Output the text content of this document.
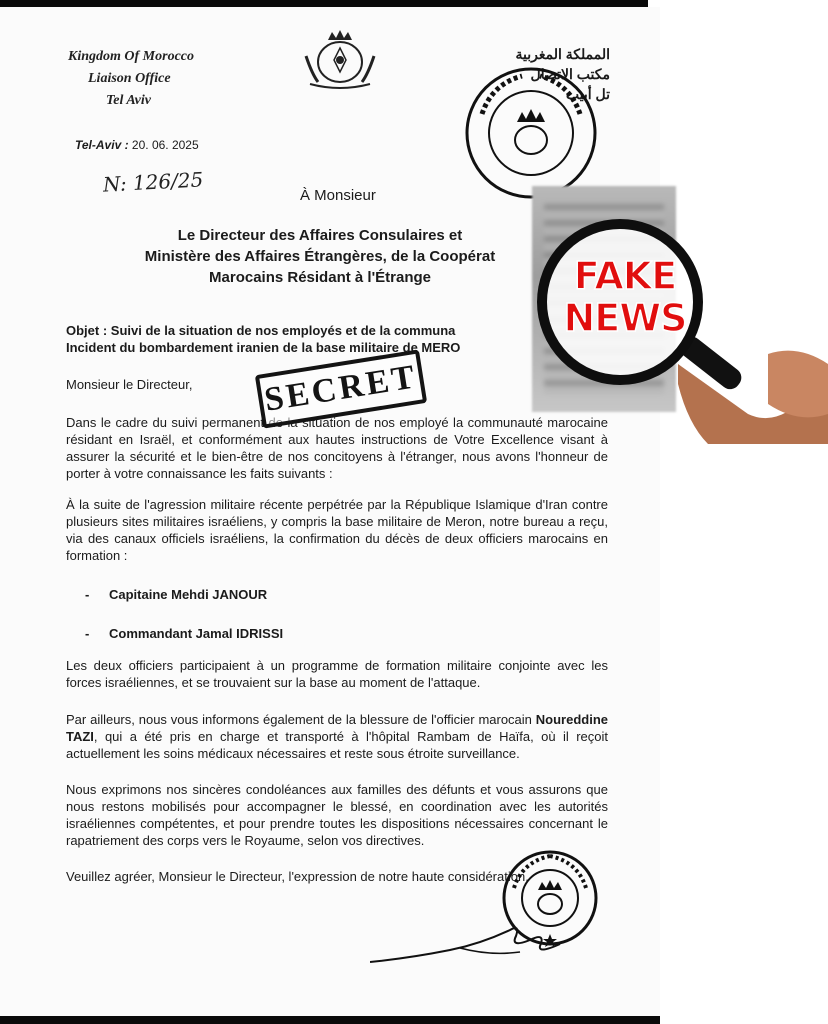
Kingdom Of Morocco
Liaison Office
Tel Aviv
المملكة المغربية
مكتب الاتصال
تل أبيب
Tel-Aviv : 20. 06. 2025
N: 126/25	À Monsieur
Le Directeur des Affaires Consulaires et
Ministère des Affaires Étrangères, de la Coopérat
Marocains Résidant à l'Étrange
Objet : Suivi de la situation de nos employés et de la communa
Incident du bombardement iranien de la base militaire de MERO
Monsieur le Directeur,
Dans le cadre du suivi permanent de la situation de nos employé la communauté marocaine résidant en Israël, et conformément aux hautes instructions de Votre Excellence visant à assurer la sécurité et le bien-être de nos concitoyens à l'étranger, nous avons l'honneur de porter à votre connaissance les faits suivants :
SECRET
À la suite de l'agression militaire récente perpétrée par la République Islamique d'Iran contre plusieurs sites militaires israéliens, y compris la base militaire de Meron, notre bureau a reçu, via des canaux officiels israéliens, la confirmation du décès de deux officiers marocains en formation :
- Capitaine Mehdi JANOUR
- Commandant Jamal IDRISSI
Les deux officiers participaient à un programme de formation militaire conjointe avec les forces israéliennes, et se trouvaient sur la base au moment de l'attaque.
Par ailleurs, nous vous informons également de la blessure de l'officier marocain Noureddine TAZI, qui a été pris en charge et transporté à l'hôpital Rambam de Haïfa, où il reçoit actuellement les soins médicaux nécessaires et reste sous étroite surveillance.
Nous exprimons nos sincères condoléances aux familles des défunts et vous assurons que nous restons mobilisés pour accompagner le blessé, en coordination avec les autorités israéliennes compétentes, et pour prendre toutes les dispositions nécessaires concernant le rapatriement des corps vers le Royaume, selon vos directives.
Veuillez agréer, Monsieur le Directeur, l'expression de notre haute considération.
FAKE
NEWS
